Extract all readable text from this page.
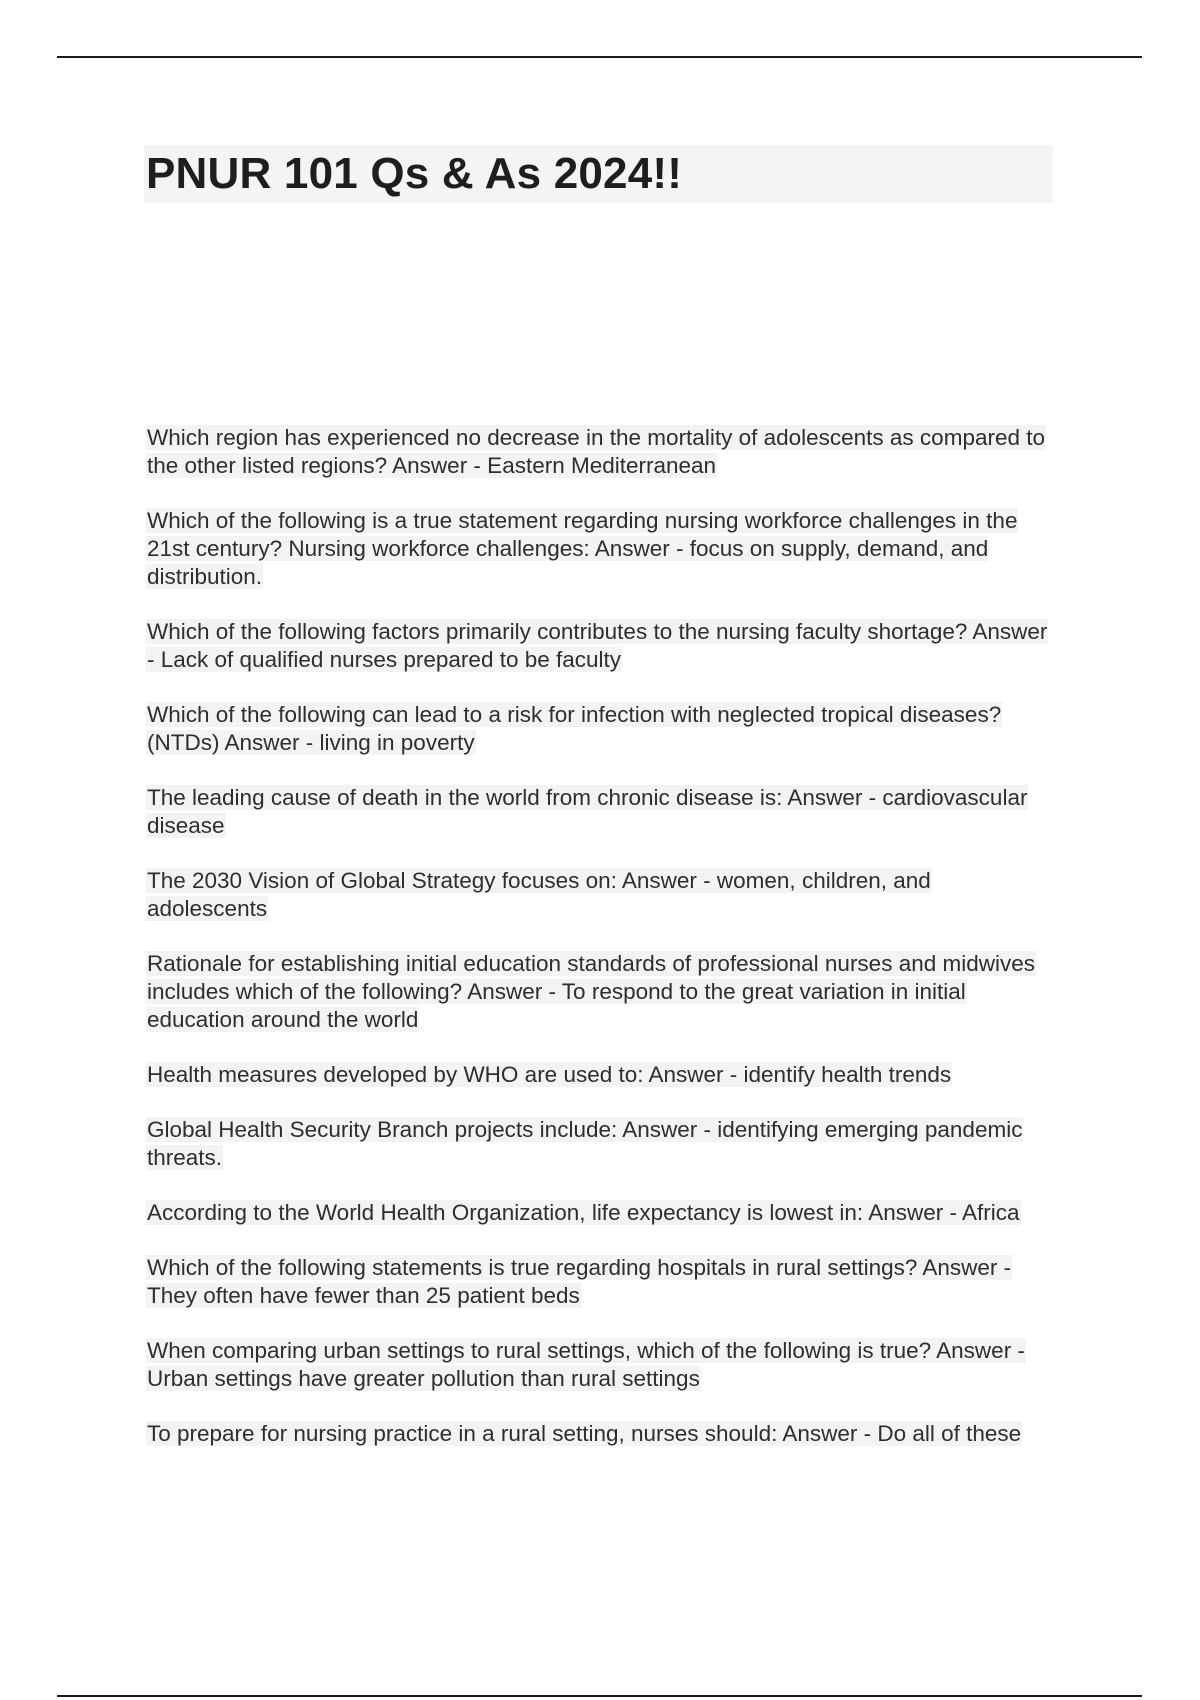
PNUR 101 Qs & As 2024!!
Which region has experienced no decrease in the mortality of adolescents as compared to the other listed regions? Answer - Eastern Mediterranean
Which of the following is a true statement regarding nursing workforce challenges in the 21st century? Nursing workforce challenges: Answer - focus on supply, demand, and distribution.
Which of the following factors primarily contributes to the nursing faculty shortage? Answer - Lack of qualified nurses prepared to be faculty
Which of the following can lead to a risk for infection with neglected tropical diseases? (NTDs) Answer - living in poverty
The leading cause of death in the world from chronic disease is: Answer - cardiovascular disease
The 2030 Vision of Global Strategy focuses on: Answer - women, children, and adolescents
Rationale for establishing initial education standards of professional nurses and midwives includes which of the following? Answer - To respond to the great variation in initial education around the world
Health measures developed by WHO are used to: Answer - identify health trends
Global Health Security Branch projects include: Answer - identifying emerging pandemic threats.
According to the World Health Organization, life expectancy is lowest in: Answer - Africa
Which of the following statements is true regarding hospitals in rural settings? Answer - They often have fewer than 25 patient beds
When comparing urban settings to rural settings, which of the following is true? Answer - Urban settings have greater pollution than rural settings
To prepare for nursing practice in a rural setting, nurses should: Answer - Do all of these
